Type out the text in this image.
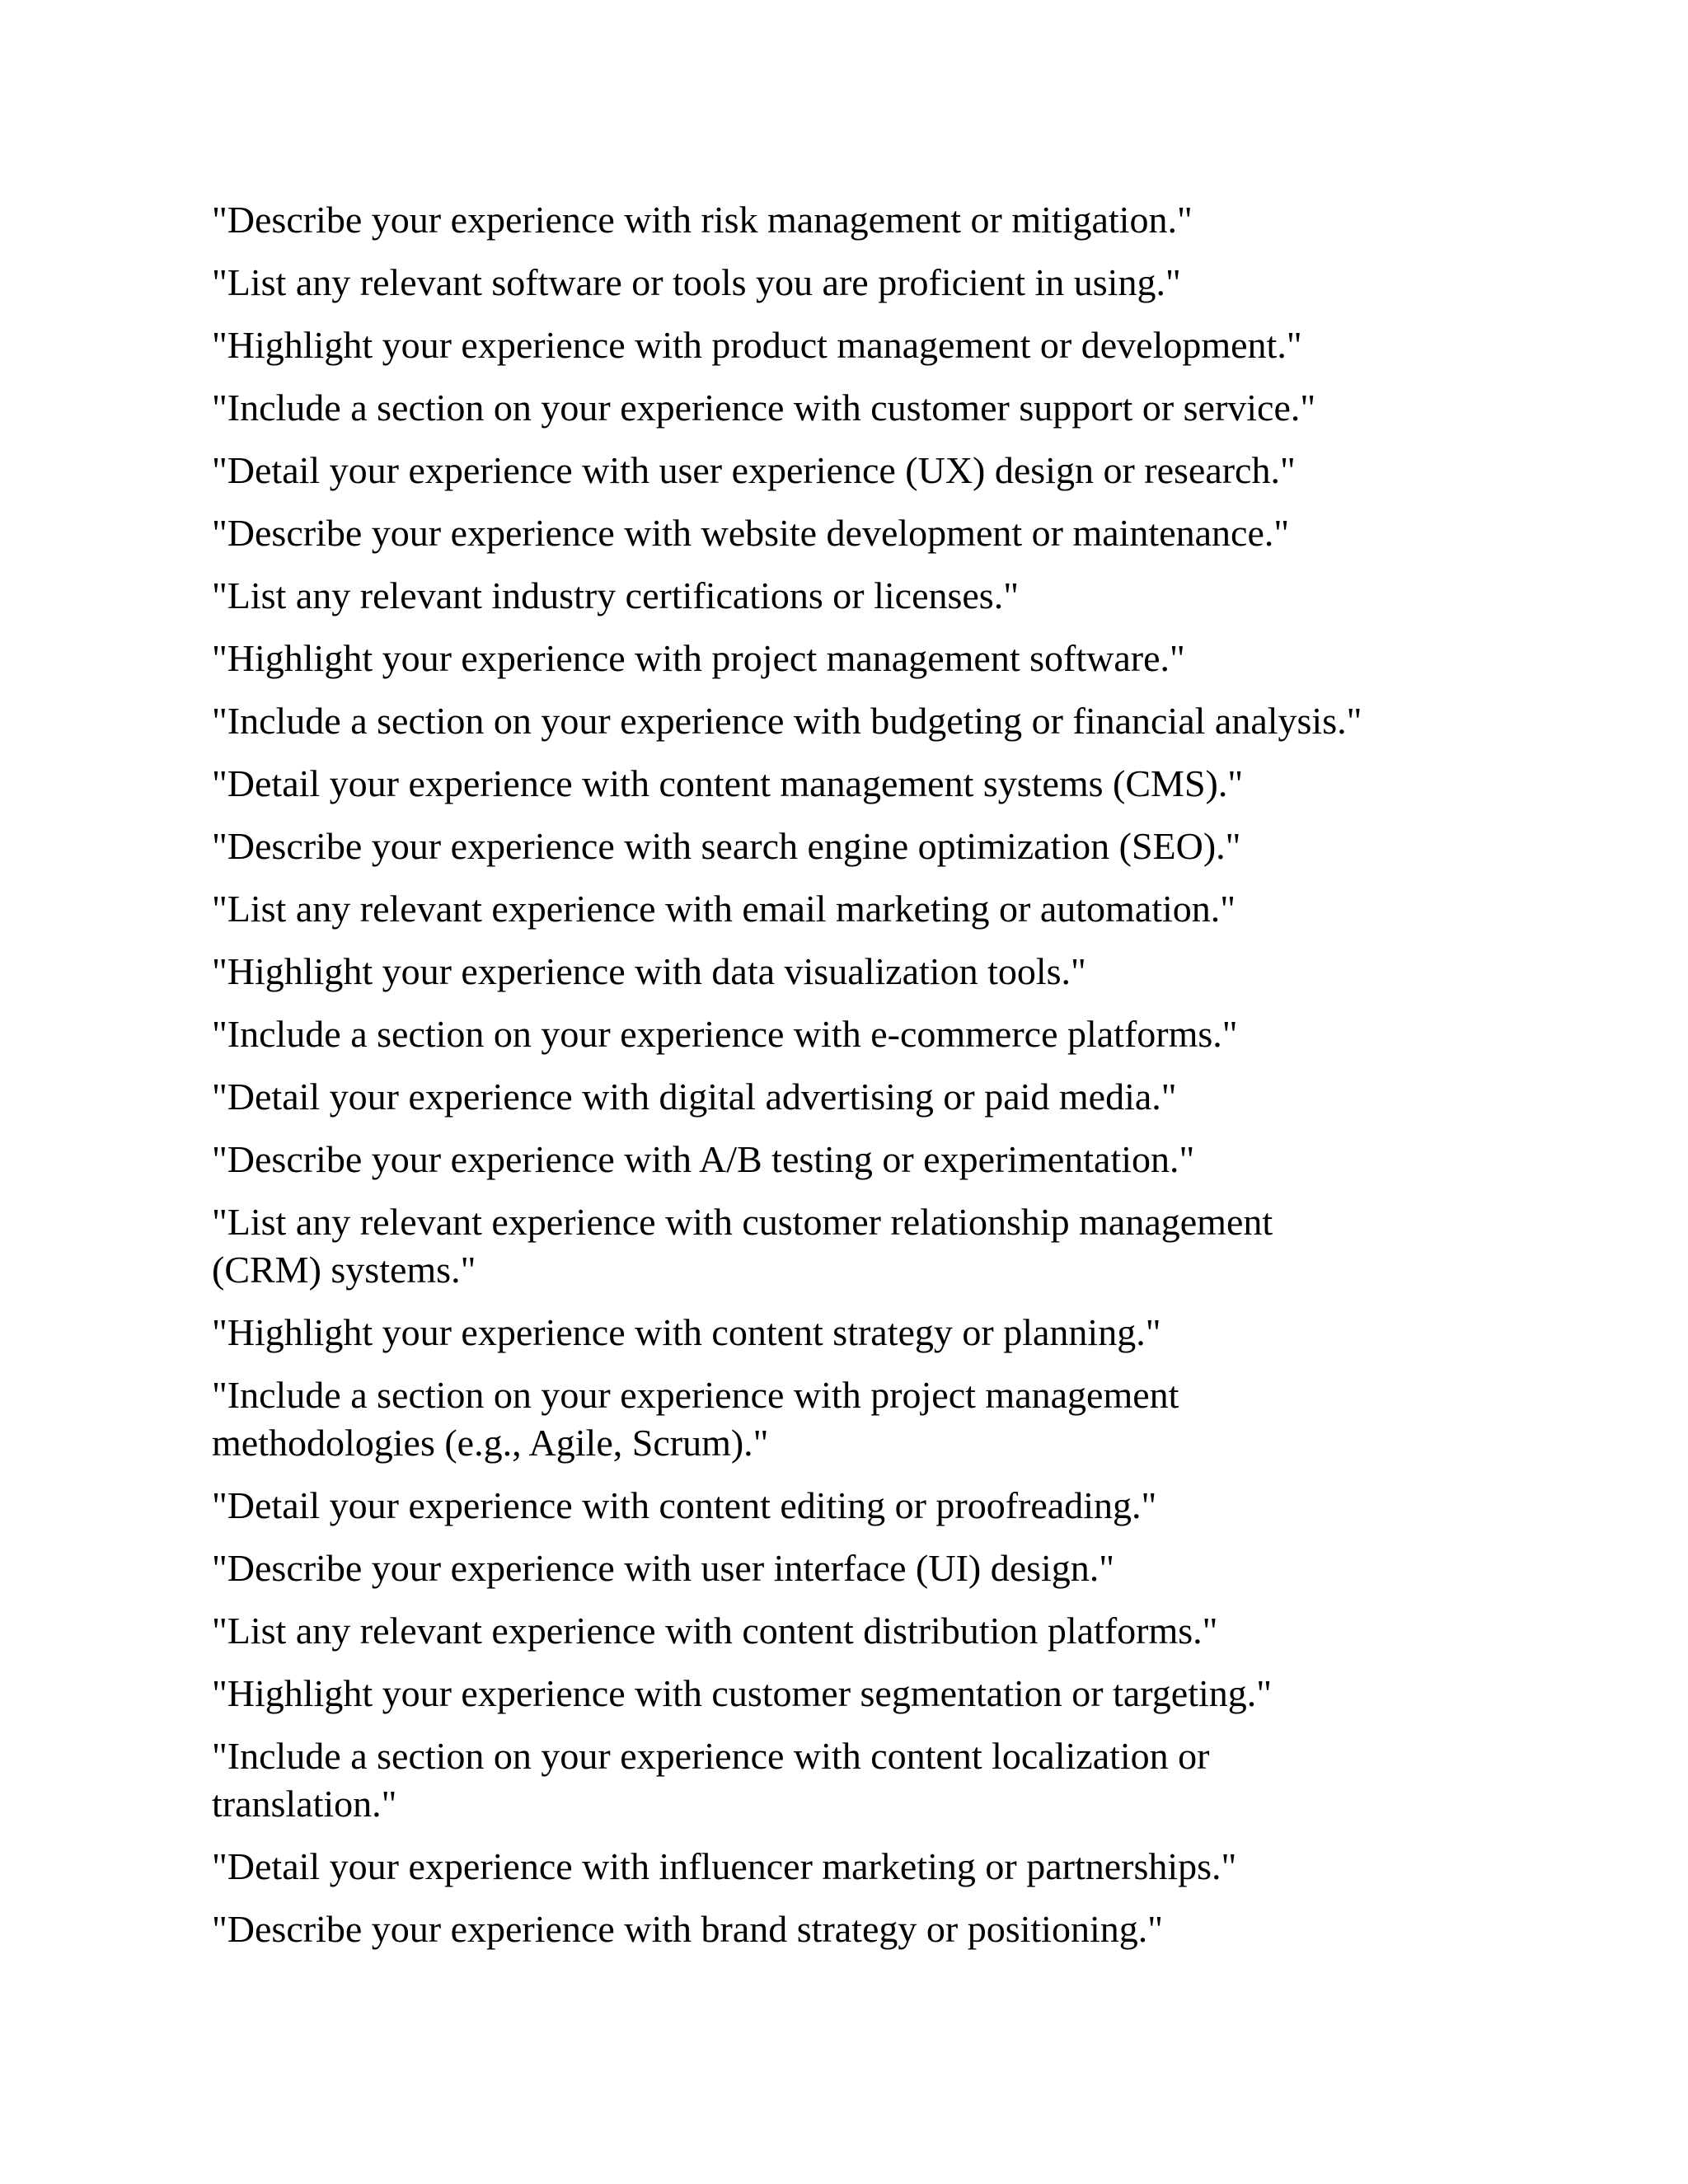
"Describe your experience with risk management or mitigation."
"List any relevant software or tools you are proficient in using."
"Highlight your experience with product management or development."
"Include a section on your experience with customer support or service."
"Detail your experience with user experience (UX) design or research."
"Describe your experience with website development or maintenance."
"List any relevant industry certifications or licenses."
"Highlight your experience with project management software."
"Include a section on your experience with budgeting or financial analysis."
"Detail your experience with content management systems (CMS)."
"Describe your experience with search engine optimization (SEO)."
"List any relevant experience with email marketing or automation."
"Highlight your experience with data visualization tools."
"Include a section on your experience with e-commerce platforms."
"Detail your experience with digital advertising or paid media."
"Describe your experience with A/B testing or experimentation."
"List any relevant experience with customer relationship management (CRM) systems."
"Highlight your experience with content strategy or planning."
"Include a section on your experience with project management methodologies (e.g., Agile, Scrum)."
"Detail your experience with content editing or proofreading."
"Describe your experience with user interface (UI) design."
"List any relevant experience with content distribution platforms."
"Highlight your experience with customer segmentation or targeting."
"Include a section on your experience with content localization or translation."
"Detail your experience with influencer marketing or partnerships."
"Describe your experience with brand strategy or positioning."
